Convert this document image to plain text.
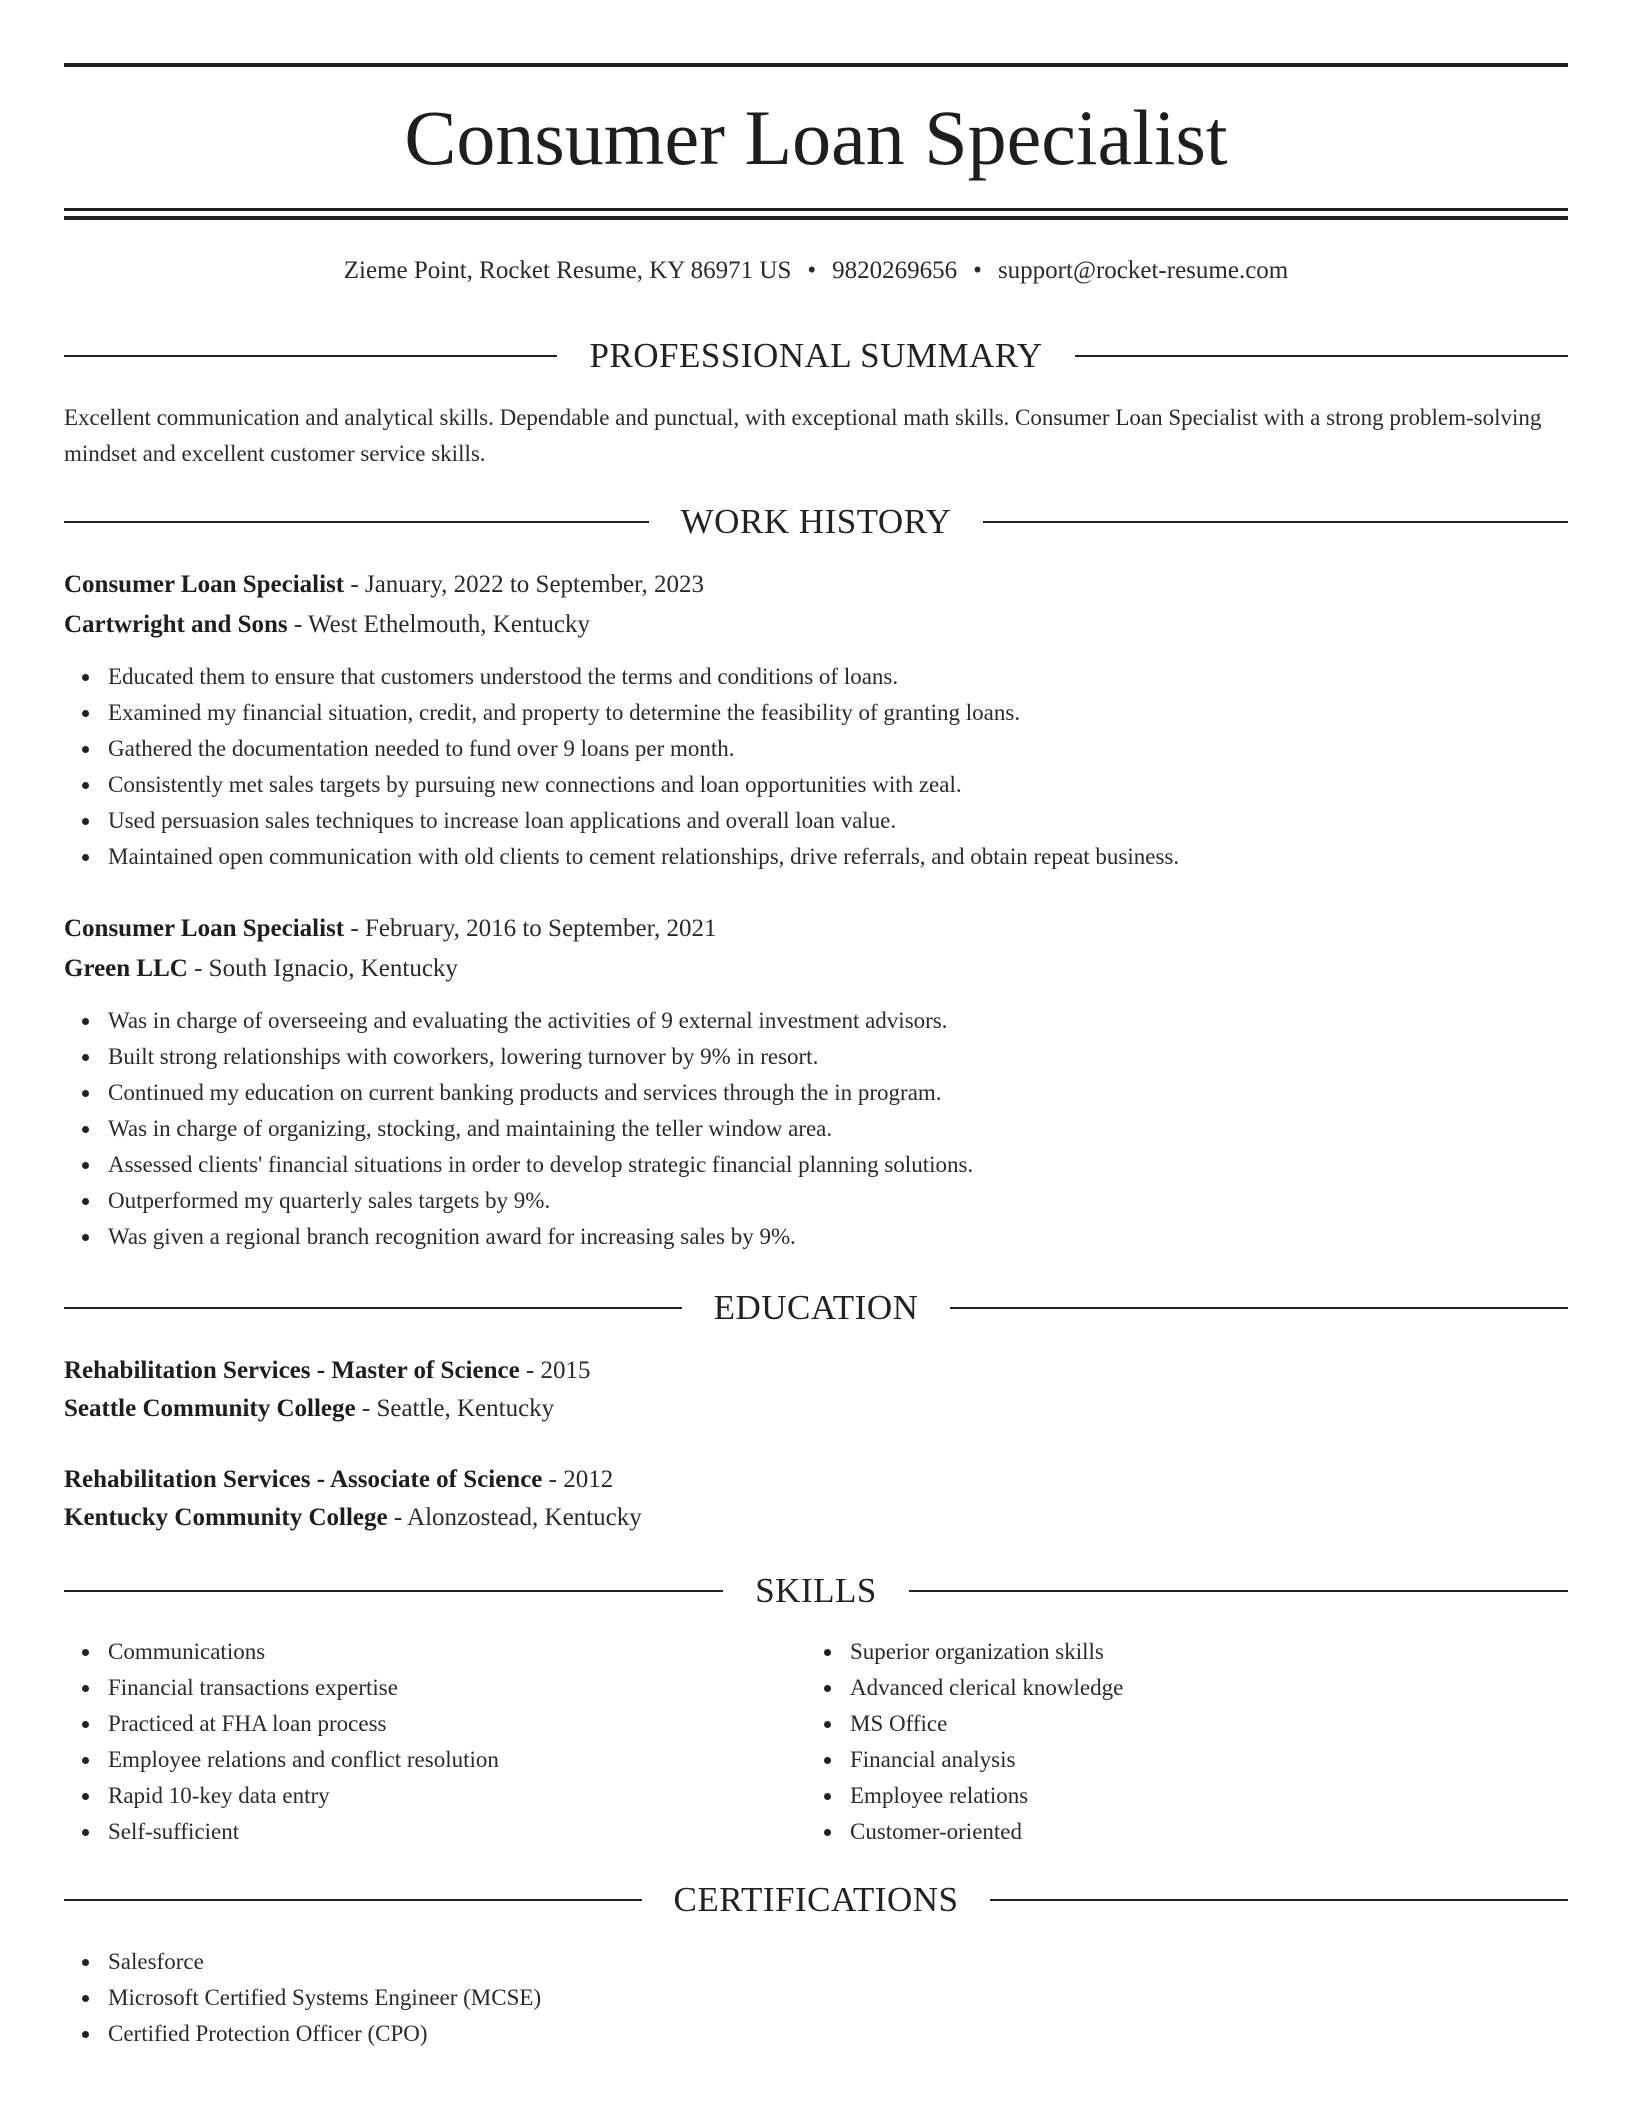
Consumer Loan Specialist
Zieme Point, Rocket Resume, KY 86971 US • 9820269656 • support@rocket-resume.com
PROFESSIONAL SUMMARY

Excellent communication and analytical skills. Dependable and punctual, with exceptional math skills. Consumer Loan Specialist with a strong problem-solving mindset and excellent customer service skills.

WORK HISTORY
Consumer Loan Specialist - January, 2022 to September, 2023
Cartwright and Sons - West Ethelmouth, Kentucky
Educated them to ensure that customers understood the terms and conditions of loans.
Examined my financial situation, credit, and property to determine the feasibility of granting loans.
Gathered the documentation needed to fund over 9 loans per month.
Consistently met sales targets by pursuing new connections and loan opportunities with zeal.
Used persuasion sales techniques to increase loan applications and overall loan value.
Maintained open communication with old clients to cement relationships, drive referrals, and obtain repeat business.
Consumer Loan Specialist - February, 2016 to September, 2021
Green LLC - South Ignacio, Kentucky
Was in charge of overseeing and evaluating the activities of 9 external investment advisors.
Built strong relationships with coworkers, lowering turnover by 9% in resort.
Continued my education on current banking products and services through the in program.
Was in charge of organizing, stocking, and maintaining the teller window area.
Assessed clients' financial situations in order to develop strategic financial planning solutions.
Outperformed my quarterly sales targets by 9%.
Was given a regional branch recognition award for increasing sales by 9%.
EDUCATION
Rehabilitation Services - Master of Science - 2015
Seattle Community College - Seattle, Kentucky
Rehabilitation Services - Associate of Science - 2012
Kentucky Community College - Alonzostead, Kentucky
SKILLS
Communications
Financial transactions expertise
Practiced at FHA loan process
Employee relations and conflict resolution
Rapid 10-key data entry
Self-sufficient
Superior organization skills
Advanced clerical knowledge
MS Office
Financial analysis
Employee relations
Customer-oriented
CERTIFICATIONS
Salesforce
Microsoft Certified Systems Engineer (MCSE)
Certified Protection Officer (CPO)
